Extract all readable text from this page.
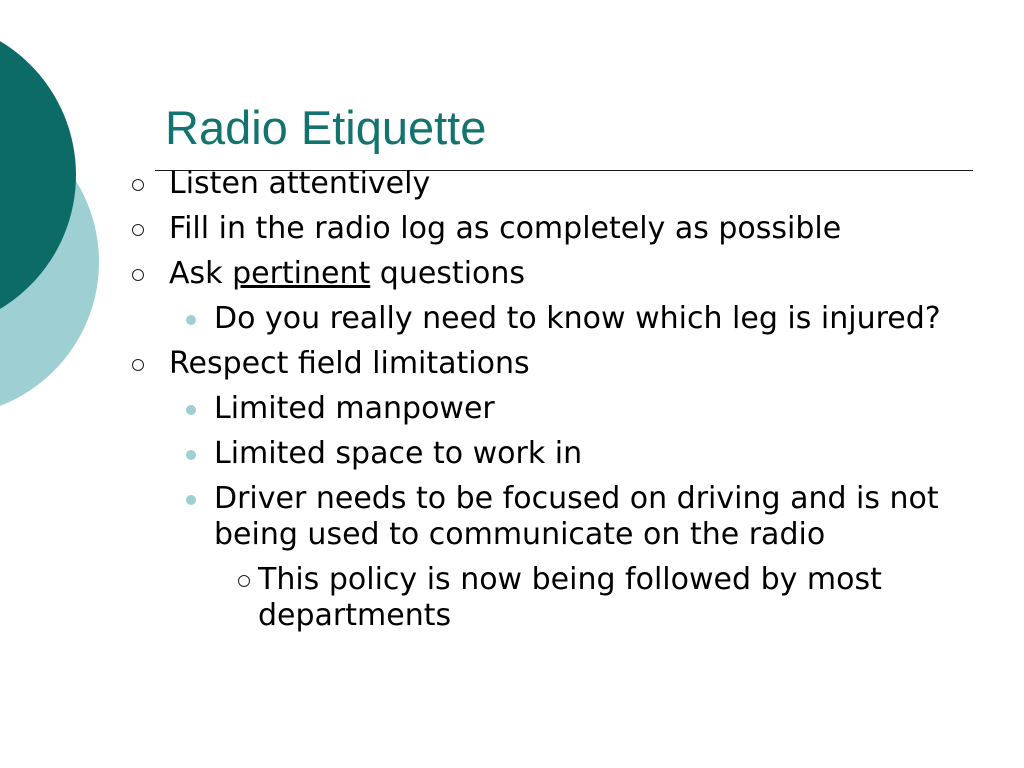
Radio Etiquette
Listen attentively
Fill in the radio log as completely as possible
Ask pertinent questions
Do you really need to know which leg is injured?
Respect field limitations
Limited manpower
Limited space to work in
Driver needs to be focused on driving and is not being used to communicate on the radio
This policy is now being followed by most departments
